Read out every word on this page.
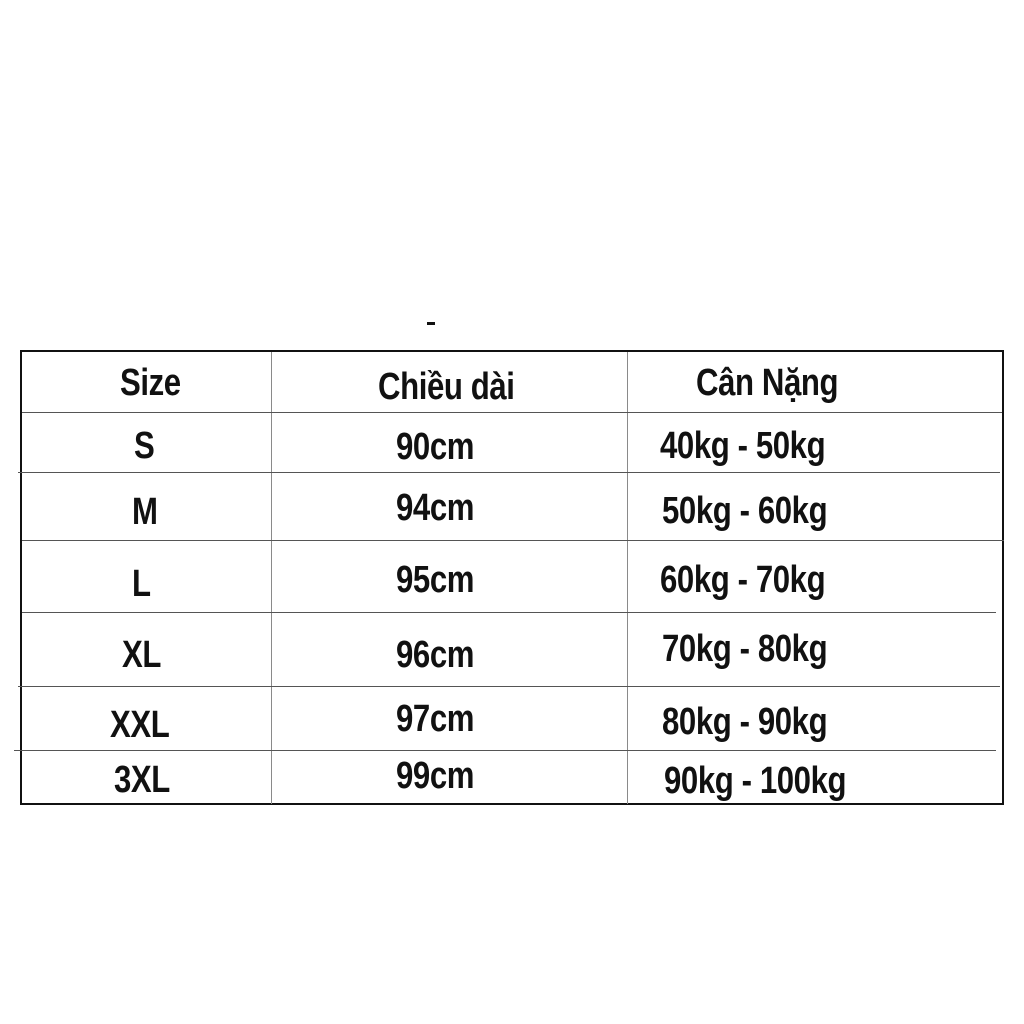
Size	Chiều dài	Cân Nặng
S	90cm	40kg - 50kg
M	94cm	50kg - 60kg
L	95cm	60kg - 70kg
XL	96cm	70kg - 80kg
XXL	97cm	80kg - 90kg
3XL	99cm	90kg - 100kg
